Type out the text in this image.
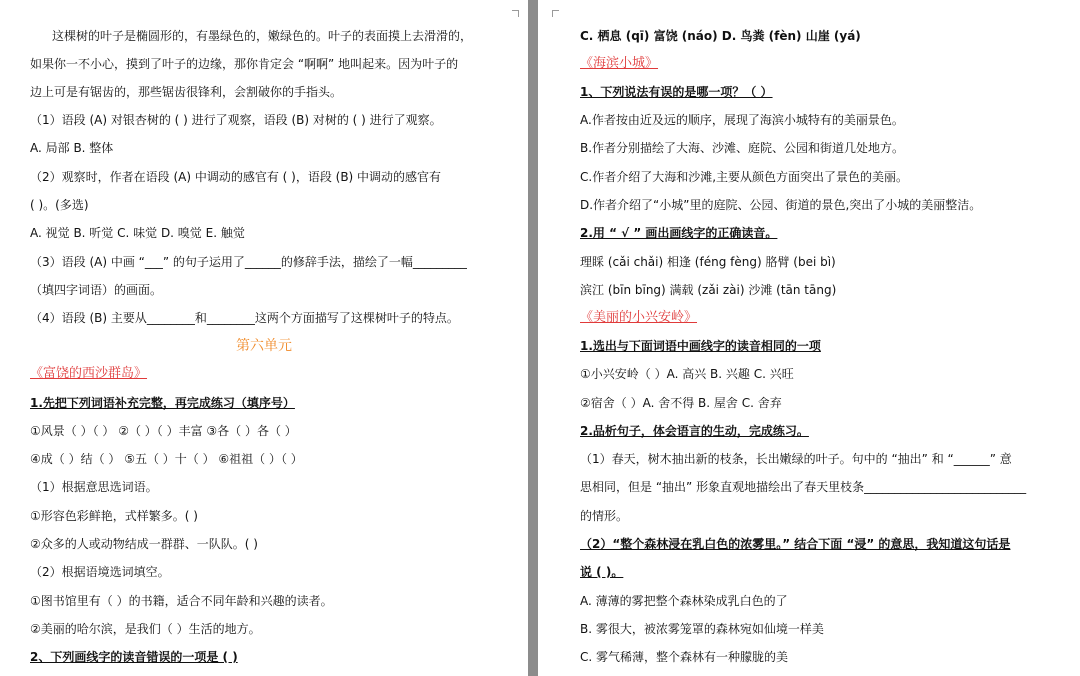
这棵树的叶子是椭圆形的，有墨绿色的，嫩绿色的。叶子的表面摸上去滑滑的，
如果你一不小心，摸到了叶子的边缘，那你肯定会 “啊啊” 地叫起来。因为叶子的
边上可是有锯齿的，那些锯齿很锋利，会割破你的手指头。
（1）语段 (A) 对银杏树的 ( ) 进行了观察，语段 (B) 对树的 ( ) 进行了观察。
A. 局部 B. 整体
（2）观察时，作者在语段 (A) 中调动的感官有 ( )，语段 (B) 中调动的感官有
( )。(多选)
A. 视觉 B. 听觉 C. 味觉 D. 嗅觉 E. 触觉
（3）语段 (A) 中画 “___” 的句子运用了______的修辞手法，描绘了一幅_________
（填四字词语）的画面。
（4）语段 (B) 主要从________和________这两个方面描写了这棵树叶子的特点。
第六单元
《富饶的西沙群岛》
1.先把下列词语补充完整，再完成练习（填序号）
①风景（ ）（ ） ②（ ）（ ）丰富 ③各（ ）各（ ）
④成（ ）结（ ） ⑤五（ ）十（ ） ⑥祖祖（ ）（ ）
（1）根据意思选词语。
①形容色彩鲜艳，式样繁多。( )
②众多的人或动物结成一群群、一队队。( )
（2）根据语境选词填空。
①图书馆里有（ ）的书籍，适合不同年龄和兴趣的读者。
②美丽的哈尔滨，是我们（ ）生活的地方。
2、下列画线字的读音错误的一项是 ( )
C. 栖息 (qī) 富饶 (náo) D. 鸟粪 (fèn) 山崖 (yá)
《海滨小城》
1、下列说法有误的是哪一项？（ ）
A.作者按由近及远的顺序，展现了海滨小城特有的美丽景色。
B.作者分别描绘了大海、沙滩、庭院、公园和街道几处地方。
C.作者介绍了大海和沙滩,主要从颜色方面突出了景色的美丽。
D.作者介绍了“小城”里的庭院、公园、街道的景色,突出了小城的美丽整洁。
2.用 “ √ ” 画出画线字的正确读音。
理睬 (cǎi chǎi) 相逢 (féng fèng) 胳臂 (bei bì)
滨江 (bīn bīng) 满载 (zǎi zài) 沙滩 (tān tāng)
《美丽的小兴安岭》
1.选出与下面词语中画线字的读音相同的一项
①小兴安岭（ ）A. 高兴 B. 兴趣 C. 兴旺
②宿舍（ ）A. 舍不得 B. 屋舍 C. 舍弃
2.品析句子，体会语言的生动，完成练习。
（1）春天，树木抽出新的枝条，长出嫩绿的叶子。句中的 “抽出” 和 “______” 意
思相同，但是 “抽出” 形象直观地描绘出了春天里枝条___________________________
的情形。
（2）“整个森林浸在乳白色的浓雾里。” 结合下面 “浸” 的意思，我知道这句话是
说 ( )。
A. 薄薄的雾把整个森林染成乳白色的了
B. 雾很大，被浓雾笼罩的森林宛如仙境一样美
C. 雾气稀薄，整个森林有一种朦胧的美
